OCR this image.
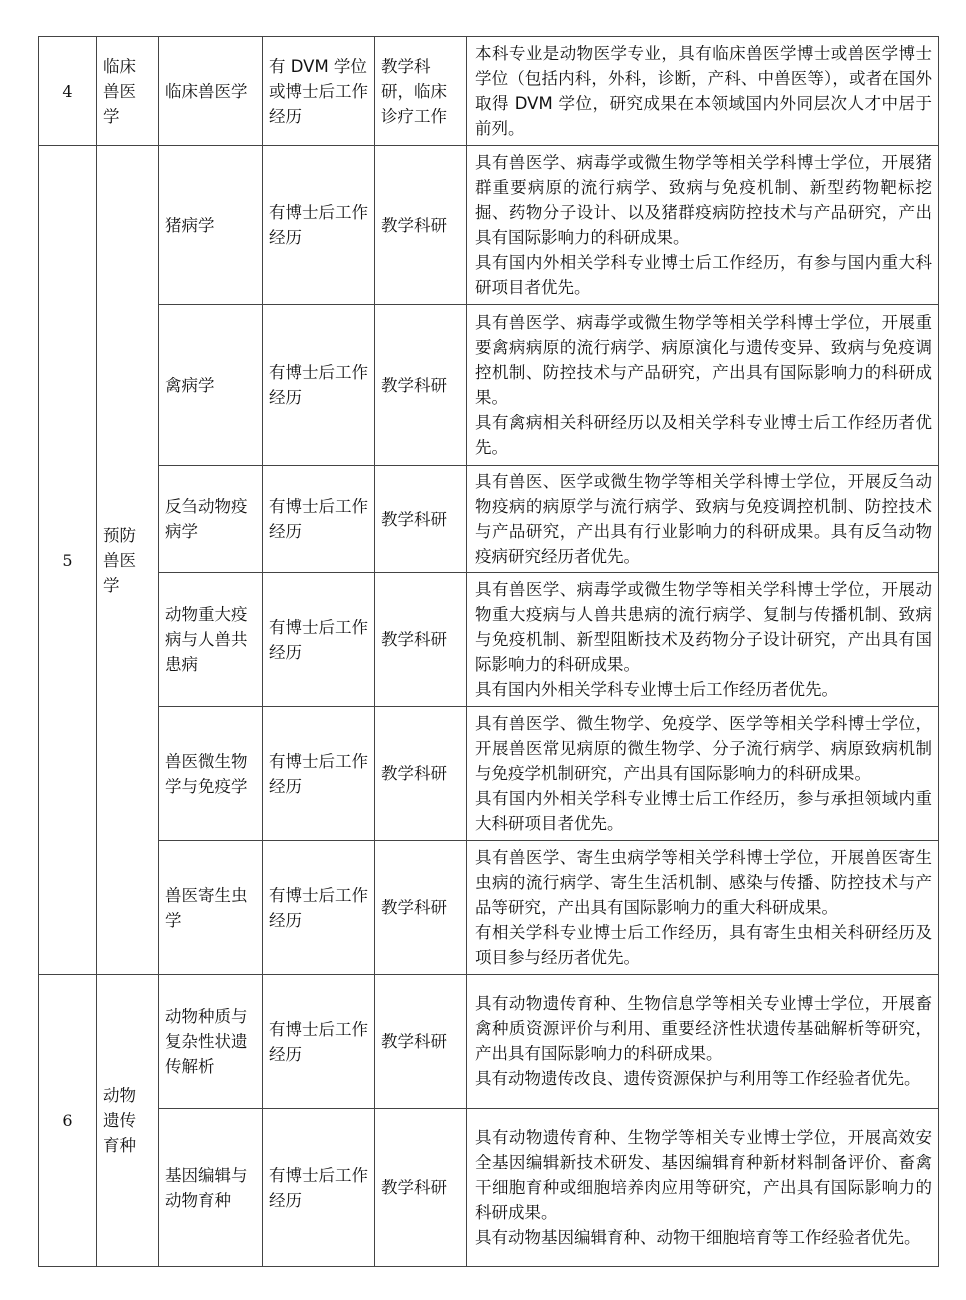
4	临床兽医学	临床兽医学	有 DVM 学位或博士后工作经历	教学科研，临床诊疗工作	本科专业是动物医学专业，具有临床兽医学博士或兽医学博士学位（包括内科，外科，诊断，产科、中兽医等），或者在国外取得 DVM 学位，研究成果在本领域国内外同层次人才中居于前列。

5	预防兽医学	猪病学	有博士后工作经历	教学科研	具有兽医学、病毒学或微生物学等相关学科博士学位，开展猪群重要病原的流行病学、致病与免疫机制、新型药物靶标挖掘、药物分子设计、以及猪群疫病防控技术与产品研究，产出具有国际影响力的科研成果。

具有国内外相关学科专业博士后工作经历，有参与国内重大科研项目者优先。

		禽病学	有博士后工作经历	教学科研	具有兽医学、病毒学或微生物学等相关学科博士学位，开展重要禽病病原的流行病学、病原演化与遗传变异、致病与免疫调控机制、防控技术与产品研究，产出具有国际影响力的科研成果。

具有禽病相关科研经历以及相关学科专业博士后工作经历者优先。

		反刍动物疫病学	有博士后工作经历	教学科研	具有兽医、医学或微生物学等相关学科博士学位，开展反刍动物疫病的病原学与流行病学、致病与免疫调控机制、防控技术与产品研究，产出具有行业影响力的科研成果。具有反刍动物疫病研究经历者优先。

		动物重大疫病与人兽共患病	有博士后工作经历	教学科研	具有兽医学、病毒学或微生物学等相关学科博士学位，开展动物重大疫病与人兽共患病的流行病学、复制与传播机制、致病与免疫机制、新型阻断技术及药物分子设计研究，产出具有国际影响力的科研成果。

具有国内外相关学科专业博士后工作经历者优先。

		兽医微生物学与免疫学	有博士后工作经历	教学科研	具有兽医学、微生物学、免疫学、医学等相关学科博士学位，开展兽医常见病原的微生物学、分子流行病学、病原致病机制与免疫学机制研究，产出具有国际影响力的科研成果。

具有国内外相关学科专业博士后工作经历，参与承担领域内重大科研项目者优先。

		兽医寄生虫学	有博士后工作经历	教学科研	具有兽医学、寄生虫病学等相关学科博士学位，开展兽医寄生虫病的流行病学、寄生生活机制、感染与传播、防控技术与产品等研究，产出具有国际影响力的重大科研成果。

有相关学科专业博士后工作经历，具有寄生虫相关科研经历及项目参与经历者优先。

6	动物遗传育种	动物种质与复杂性状遗传解析	有博士后工作经历	教学科研	具有动物遗传育种、生物信息学等相关专业博士学位，开展畜禽种质资源评价与利用、重要经济性状遗传基础解析等研究，产出具有国际影响力的科研成果。

具有动物遗传改良、遗传资源保护与利用等工作经验者优先。

		基因编辑与动物育种	有博士后工作经历	教学科研	具有动物遗传育种、生物学等相关专业博士学位，开展高效安全基因编辑新技术研发、基因编辑育种新材料制备评价、畜禽干细胞育种或细胞培养肉应用等研究，产出具有国际影响力的科研成果。

具有动物基因编辑育种、动物干细胞培育等工作经验者优先。
